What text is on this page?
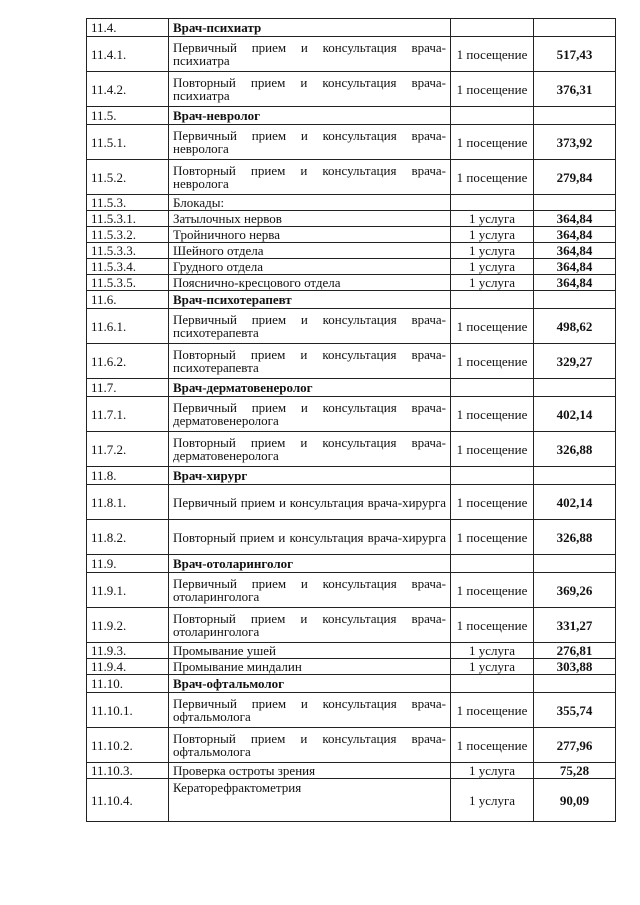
11.4.	Врач-психиатр		
11.4.1.	Первичный прием и консультация врача-психиатра	1 посещение	517,43
11.4.2.	Повторный прием и консультация врача-психиатра	1 посещение	376,31
11.5.	Врач-невролог		
11.5.1.	Первичный прием и консультация врача-невролога	1 посещение	373,92
11.5.2.	Повторный прием и консультация врача-невролога	1 посещение	279,84
11.5.3.	Блокады:		
11.5.3.1.	Затылочных нервов	1 услуга	364,84
11.5.3.2.	Тройничного нерва	1 услуга	364,84
11.5.3.3.	Шейного отдела	1 услуга	364,84
11.5.3.4.	Грудного отдела	1 услуга	364,84
11.5.3.5.	Пояснично-кресцового отдела	1 услуга	364,84
11.6.	Врач-психотерапевт		
11.6.1.	Первичный прием и консультация врача-психотерапевта	1 посещение	498,62
11.6.2.	Повторный прием и консультация врача- психотерапевта	1 посещение	329,27
11.7.	Врач-дерматовенеролог		
11.7.1.	Первичный прием и консультация врача-дерматовенеролога	1 посещение	402,14
11.7.2.	Повторный прием и консультация врача- дерматовенеролога	1 посещение	326,88
11.8.	Врач-хирург		
11.8.1.	Первичный прием и консультация врача-хирурга	1 посещение	402,14
11.8.2.	Повторный прием и консультация врача-хирурга	1 посещение	326,88
11.9.	Врач-отоларинголог		
11.9.1.	Первичный прием и консультация врача-отоларинголога	1 посещение	369,26
11.9.2.	Повторный прием и консультация врача-отоларинголога	1 посещение	331,27
11.9.3.	Промывание ушей	1 услуга	276,81
11.9.4.	Промывание миндалин	1 услуга	303,88
11.10.	Врач-офтальмолог		
11.10.1.	Первичный прием и консультация врача-офтальмолога	1 посещение	355,74
11.10.2.	Повторный прием и консультация врача-офтальмолога	1 посещение	277,96
11.10.3.	Проверка остроты зрения	1 услуга	75,28
11.10.4.	Кераторефрактометрия	1 услуга	90,09
